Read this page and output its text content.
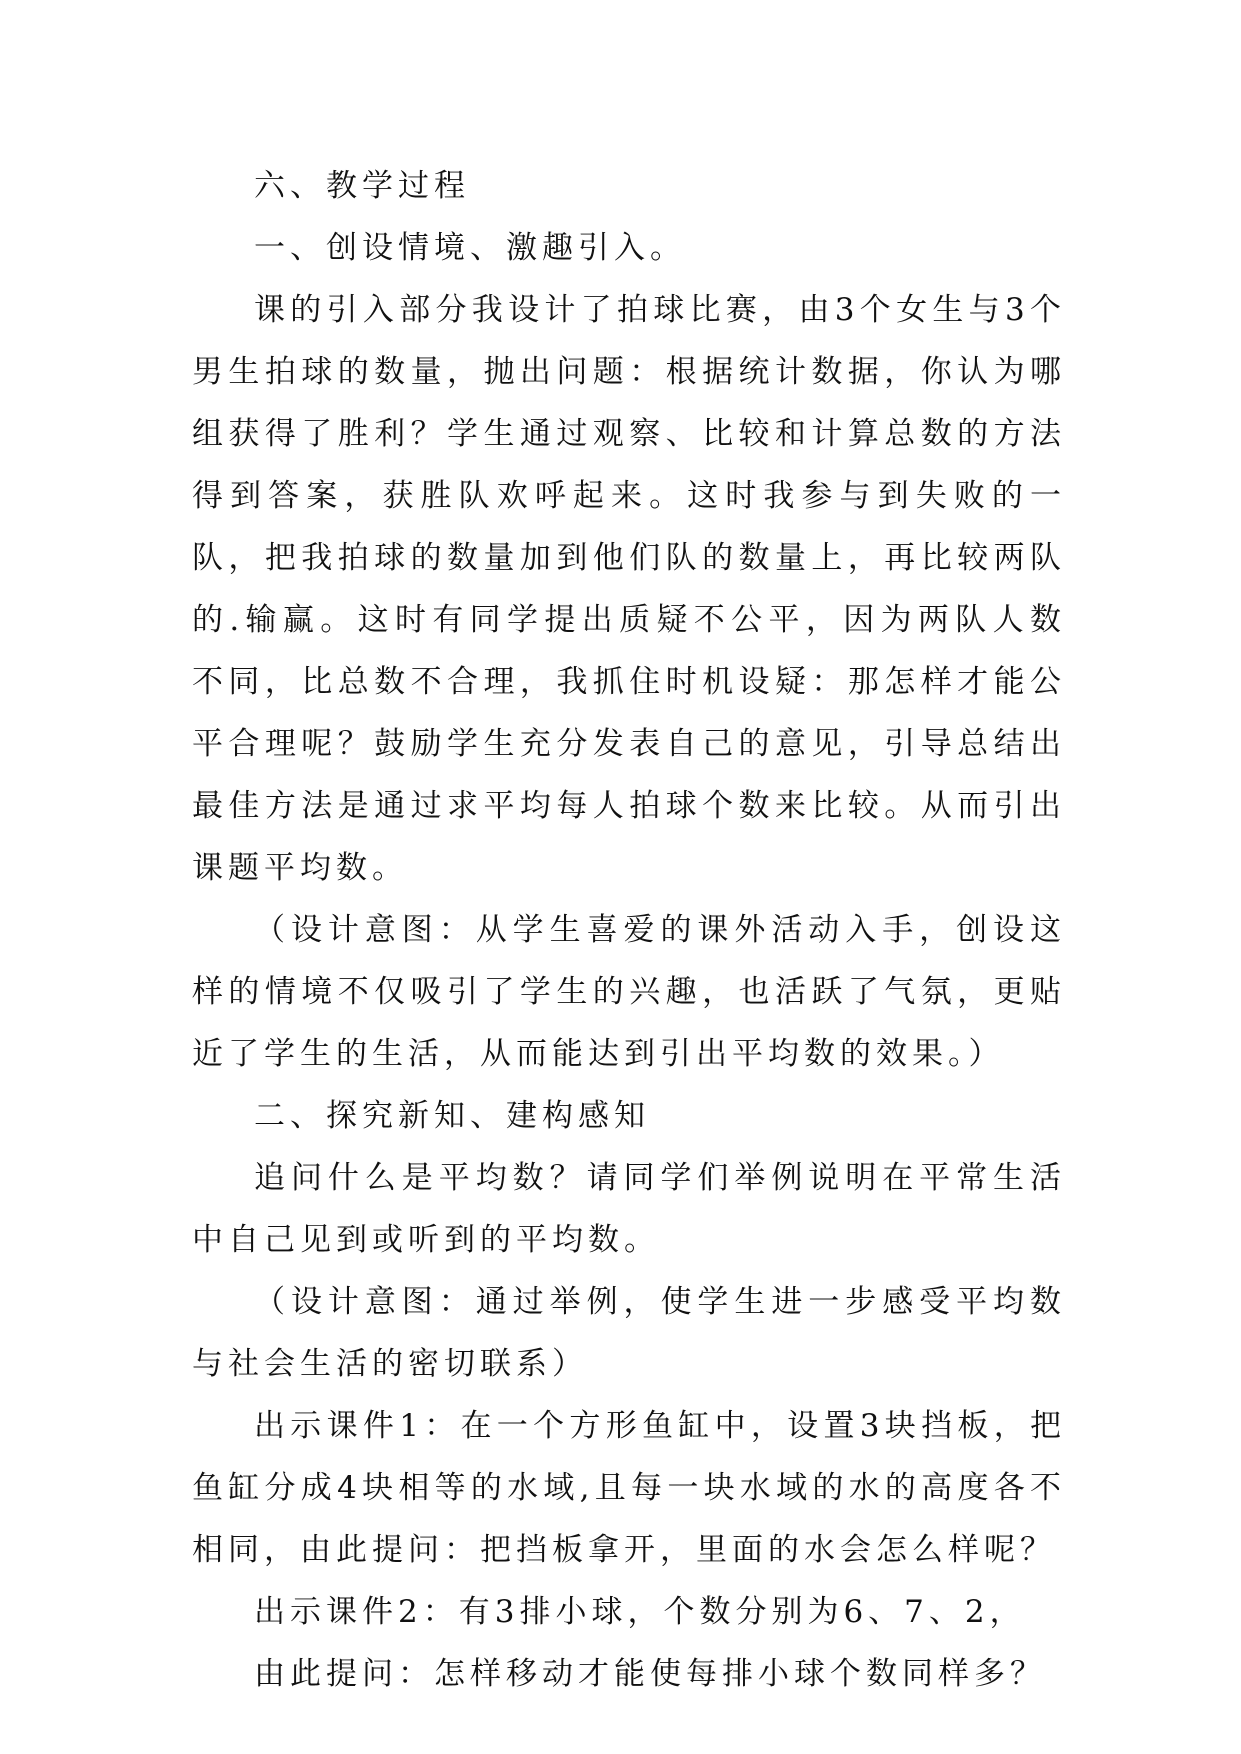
六、教学过程

一、创设情境、激趣引入。

课的引入部分我设计了拍球比赛，由3个女生与3个男生拍球的数量，抛出问题：根据统计数据，你认为哪组获得了胜利？学生通过观察、比较和计算总数的方法得到答案，获胜队欢呼起来。这时我参与到失败的一队，把我拍球的数量加到他们队的数量上，再比较两队的.输赢。这时有同学提出质疑不公平，因为两队人数不同，比总数不合理，我抓住时机设疑：那怎样才能公平合理呢？鼓励学生充分发表自己的意见，引导总结出最佳方法是通过求平均每人拍球个数来比较。从而引出课题平均数。

（设计意图：从学生喜爱的课外活动入手，创设这样的情境不仅吸引了学生的兴趣，也活跃了气氛，更贴近了学生的生活，从而能达到引出平均数的效果。）

二、探究新知、建构感知

追问什么是平均数？请同学们举例说明在平常生活中自己见到或听到的平均数。

（设计意图：通过举例，使学生进一步感受平均数与社会生活的密切联系）

出示课件1：在一个方形鱼缸中，设置3块挡板，把鱼缸分成4块相等的水域,且每一块水域的水的高度各不相同，由此提问：把挡板拿开，里面的水会怎么样呢？

出示课件2：有3排小球，个数分别为6、7、2，

由此提问：怎样移动才能使每排小球个数同样多？
